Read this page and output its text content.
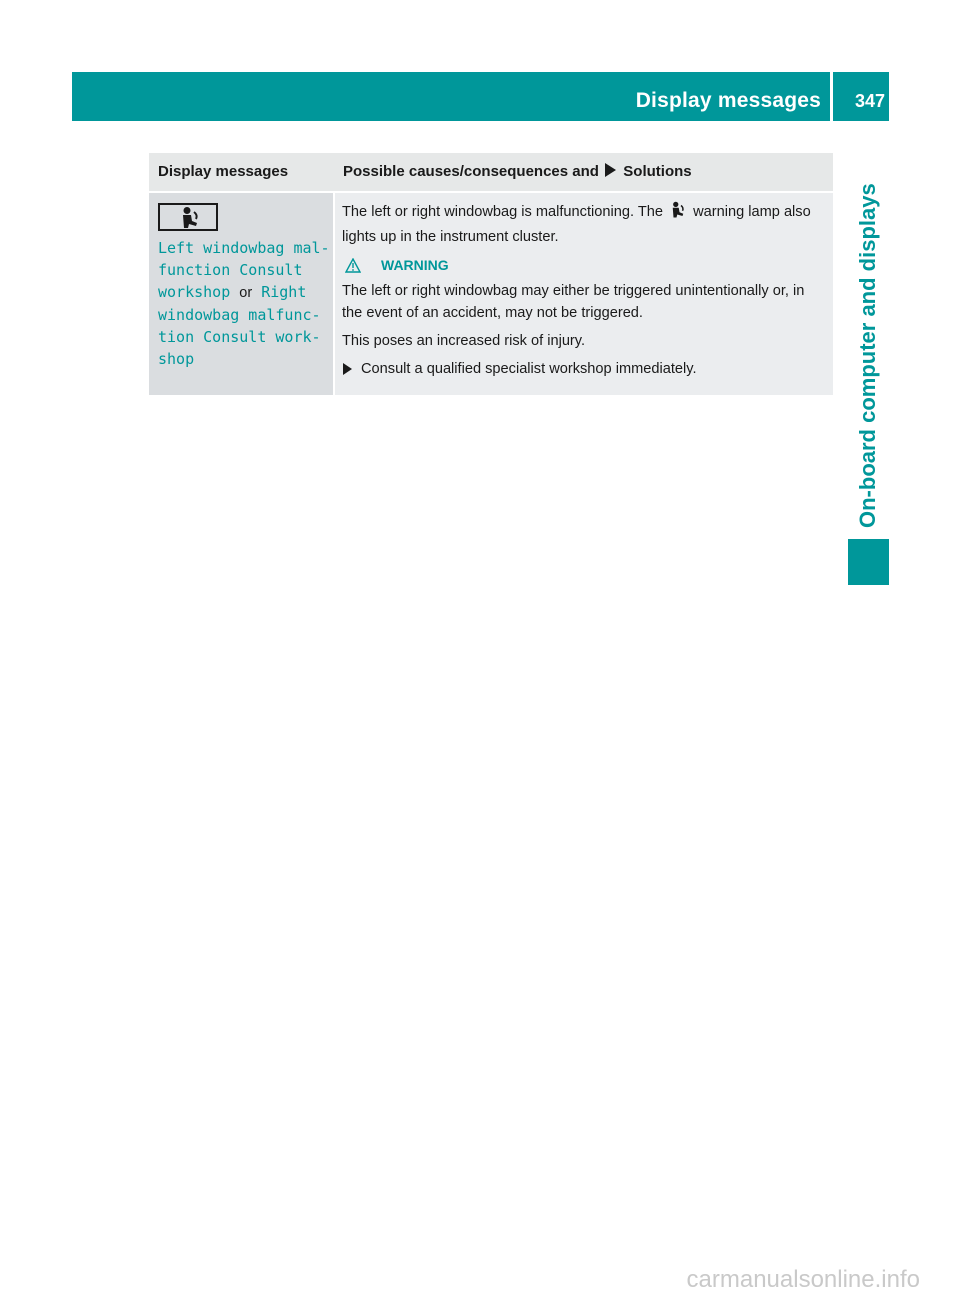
Display messages 347
On-board computer and displays
Display messages	Possible causes/consequences and Solutions
Left windowbag mal‐ function Consult workshop or Right windowbag malfunc‐ tion Consult work‐ shop

The left or right windowbag is malfunctioning. The warning lamp also lights up in the instrument cluster.

WARNING

The left or right windowbag may either be triggered unintentionally or, in the event of an accident, may not be triggered.

This poses an increased risk of injury.

Consult a qualified specialist workshop immediately.
carmanualsonline.info
